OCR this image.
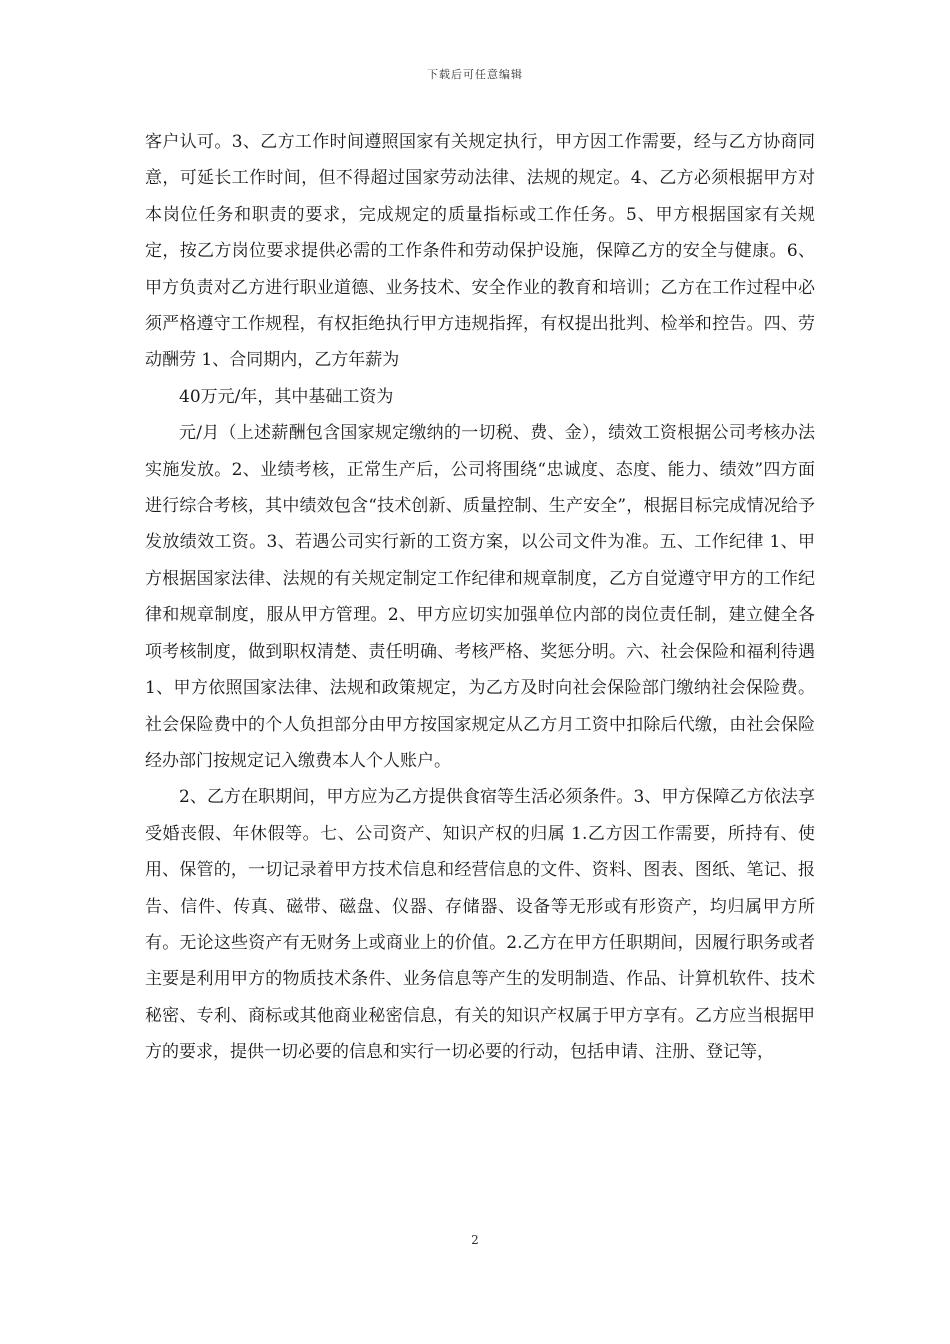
下载后可任意编辑

客户认可。3、乙方工作时间遵照国家有关规定执行，甲方因工作需要，经与乙方协商同意，可延长工作时间，但不得超过国家劳动法律、法规的规定。4、乙方必须根据甲方对本岗位任务和职责的要求，完成规定的质量指标或工作任务。5、甲方根据国家有关规定，按乙方岗位要求提供必需的工作条件和劳动保护设施，保障乙方的安全与健康。6、甲方负责对乙方进行职业道德、业务技术、安全作业的教育和培训；乙方在工作过程中必须严格遵守工作规程，有权拒绝执行甲方违规指挥，有权提出批判、检举和控告。四、劳动酬劳 1、合同期内，乙方年薪为

40万元/年，其中基础工资为

元/月（上述薪酬包含国家规定缴纳的一切税、费、金），绩效工资根据公司考核办法实施发放。2、业绩考核，正常生产后，公司将围绕“忠诚度、态度、能力、绩效”四方面进行综合考核，其中绩效包含“技术创新、质量控制、生产安全”，根据目标完成情况给予发放绩效工资。3、若遇公司实行新的工资方案，以公司文件为准。五、工作纪律 1、甲方根据国家法律、法规的有关规定制定工作纪律和规章制度，乙方自觉遵守甲方的工作纪律和规章制度，服从甲方管理。2、甲方应切实加强单位内部的岗位责任制，建立健全各项考核制度，做到职权清楚、责任明确、考核严格、奖惩分明。六、社会保险和福利待遇 1、甲方依照国家法律、法规和政策规定，为乙方及时向社会保险部门缴纳社会保险费。社会保险费中的个人负担部分由甲方按国家规定从乙方月工资中扣除后代缴，由社会保险经办部门按规定记入缴费本人个人账户。

2、乙方在职期间，甲方应为乙方提供食宿等生活必须条件。3、甲方保障乙方依法享受婚丧假、年休假等。七、公司资产、知识产权的归属 1.乙方因工作需要，所持有、使用、保管的，一切记录着甲方技术信息和经营信息的文件、资料、图表、图纸、笔记、报告、信件、传真、磁带、磁盘、仪器、存储器、设备等无形或有形资产，均归属甲方所有。无论这些资产有无财务上或商业上的价值。2.乙方在甲方任职期间，因履行职务或者主要是利用甲方的物质技术条件、业务信息等产生的发明制造、作品、计算机软件、技术秘密、专利、商标或其他商业秘密信息，有关的知识产权属于甲方享有。乙方应当根据甲方的要求，提供一切必要的信息和实行一切必要的行动，包括申请、注册、登记等，

2
